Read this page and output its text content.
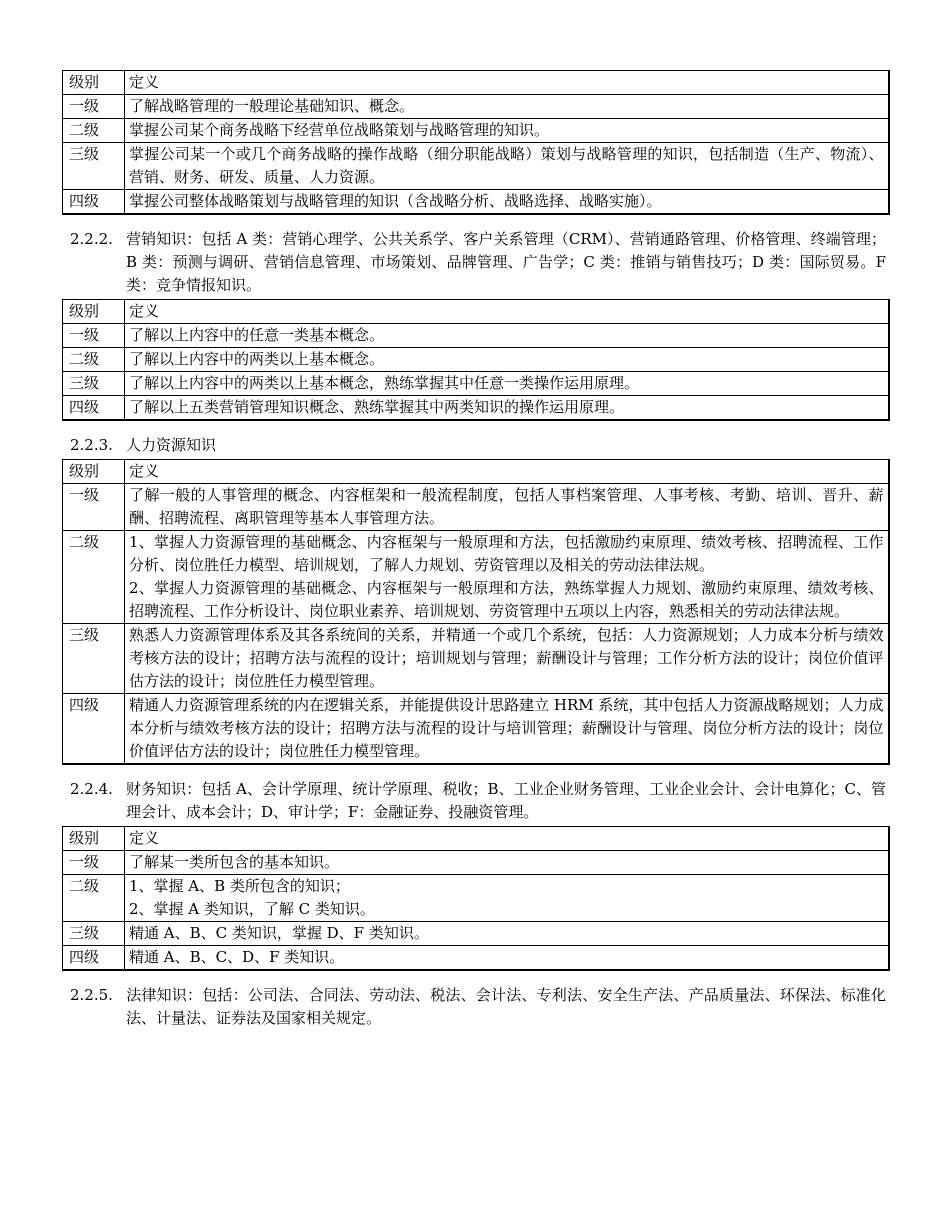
级别	定义
一级	了解战略管理的一般理论基础知识、概念。

二级	掌握公司某个商务战略下经营单位战略策划与战略管理的知识。

三级	掌握公司某一个或几个商务战略的操作战略（细分职能战略）策划与战略管理的知识，包括制造（生产、物流）、营销、财务、研发、质量、人力资源。

四级	掌握公司整体战略策划与战略管理的知识（含战略分析、战略选择、战略实施）。
2.2.2. 营销知识：包括 A 类：营销心理学、公共关系学、客户关系管理（CRM）、营销通路管理、价格管理、终端管理；B 类：预测与调研、营销信息管理、市场策划、品牌管理、广告学；C 类：推销与销售技巧；D 类：国际贸易。F 类：竞争情报知识。
级别	定义
一级	了解以上内容中的任意一类基本概念。

二级	了解以上内容中的两类以上基本概念。

三级	了解以上内容中的两类以上基本概念，熟练掌握其中任意一类操作运用原理。

四级	了解以上五类营销管理知识概念、熟练掌握其中两类知识的操作运用原理。
2.2.3. 人力资源知识
级别	定义
一级	了解一般的人事管理的概念、内容框架和一般流程制度，包括人事档案管理、人事考核、考勤、培训、晋升、薪酬、招聘流程、离职管理等基本人事管理方法。

二级	1、掌握人力资源管理的基础概念、内容框架与一般原理和方法，包括激励约束原理、绩效考核、招聘流程、工作分析、岗位胜任力模型、培训规划，了解人力规划、劳资管理以及相关的劳动法律法规。
2、掌握人力资源管理的基础概念、内容框架与一般原理和方法，熟练掌握人力规划、激励约束原理、绩效考核、招聘流程、工作分析设计、岗位职业素养、培训规划、劳资管理中五项以上内容，熟悉相关的劳动法律法规。

三级	熟悉人力资源管理体系及其各系统间的关系，并精通一个或几个系统，包括：人力资源规划；人力成本分析与绩效考核方法的设计；招聘方法与流程的设计；培训规划与管理；薪酬设计与管理；工作分析方法的设计；岗位价值评估方法的设计；岗位胜任力模型管理。

四级	精通人力资源管理系统的内在逻辑关系，并能提供设计思路建立 HRM 系统，其中包括人力资源战略规划；人力成本分析与绩效考核方法的设计；招聘方法与流程的设计与培训管理；薪酬设计与管理、岗位分析方法的设计；岗位价值评估方法的设计；岗位胜任力模型管理。
2.2.4. 财务知识：包括 A、会计学原理、统计学原理、税收；B、工业企业财务管理、工业企业会计、会计电算化；C、管理会计、成本会计；D、审计学；F：金融证券、投融资管理。
级别	定义
一级	了解某一类所包含的基本知识。

二级	1、掌握 A、B 类所包含的知识；
2、掌握 A 类知识，了解 C 类知识。

三级	精通 A、B、C 类知识，掌握 D、F 类知识。

四级	精通 A、B、C、D、F 类知识。
2.2.5. 法律知识：包括：公司法、合同法、劳动法、税法、会计法、专利法、安全生产法、产品质量法、环保法、标准化法、计量法、证券法及国家相关规定。
